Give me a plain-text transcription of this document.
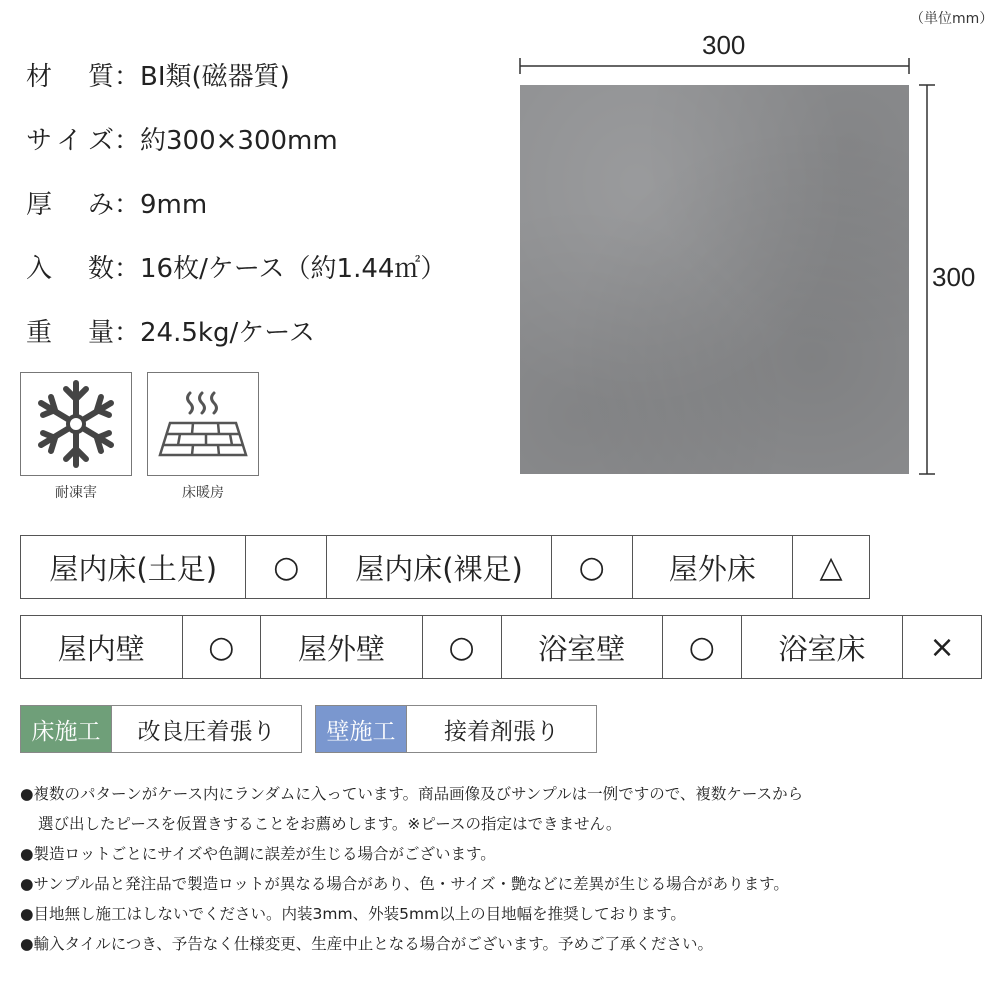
（単位mm）
材質：BI類(磁器質)
サイズ：約300×300mm
厚み：9mm
入数：16枚/ケース（約1.44㎡）
重量：24.5kg/ケース
耐凍害	床暖房
300
300
屋内床(土足)	○	屋内床(裸足)	○	屋外床	△
屋内壁	○	屋外壁	○	浴室壁	○	浴室床	×
床施工	改良圧着張り	壁施工	接着剤張り
●複数のパターンがケース内にランダムに入っています。商品画像及びサンプルは一例ですので、複数ケースから
選び出したピースを仮置きすることをお薦めします。※ピースの指定はできません。
●製造ロットごとにサイズや色調に誤差が生じる場合がございます。
●サンプル品と発注品で製造ロットが異なる場合があり、色・サイズ・艶などに差異が生じる場合があります。
●目地無し施工はしないでください。内装3mm、外装5mm以上の目地幅を推奨しております。
●輸入タイルにつき、予告なく仕様変更、生産中止となる場合がございます。予めご了承ください。
